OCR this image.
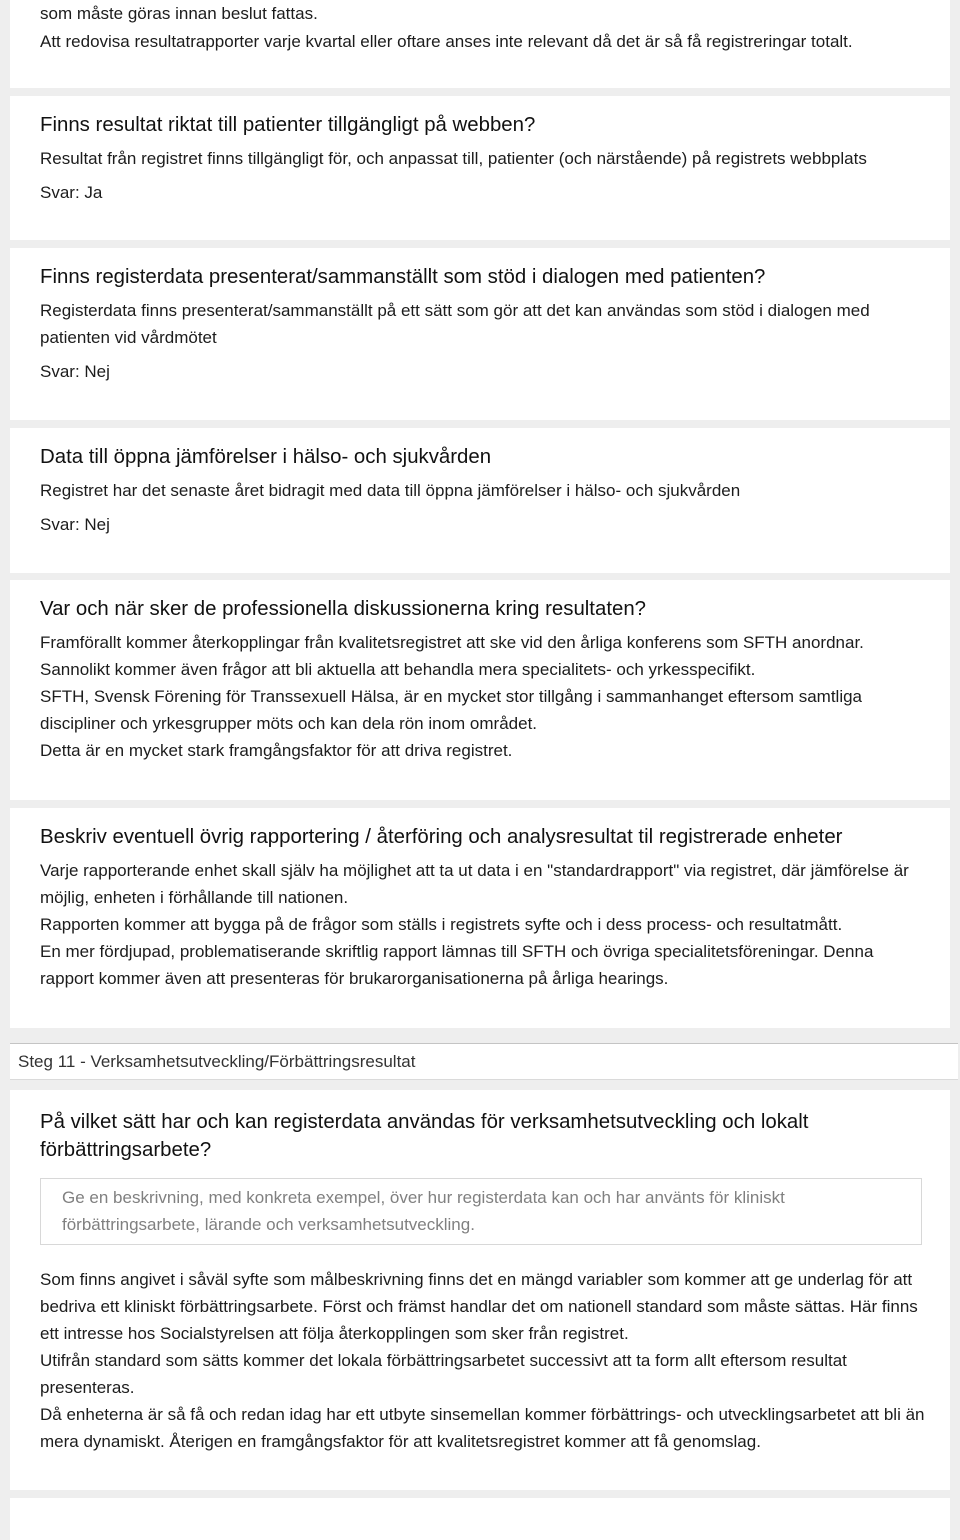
som måste göras innan beslut fattas.
Att redovisa resultatrapporter varje kvartal eller oftare anses inte relevant då det är så få registreringar totalt.
Finns resultat riktat till patienter tillgängligt på webben?
Resultat från registret finns tillgängligt för, och anpassat till, patienter (och närstående) på registrets webbplats
Svar: Ja
Finns registerdata presenterat/sammanställt som stöd i dialogen med patienten?
Registerdata finns presenterat/sammanställt på ett sätt som gör att det kan användas som stöd i dialogen med
patienten vid vårdmötet
Svar: Nej
Data till öppna jämförelser i hälso- och sjukvården
Registret har det senaste året bidragit med data till öppna jämförelser i hälso- och sjukvården
Svar: Nej
Var och när sker de professionella diskussionerna kring resultaten?
Framförallt kommer återkopplingar från kvalitetsregistret att ske vid den årliga konferens som SFTH anordnar.
Sannolikt kommer även frågor att bli aktuella att behandla mera specialitets- och yrkesspecifikt.
SFTH, Svensk Förening för Transsexuell Hälsa, är en mycket stor tillgång i sammanhanget eftersom samtliga
discipliner och yrkesgrupper möts och kan dela rön inom området.
Detta är en mycket stark framgångsfaktor för att driva registret.
Beskriv eventuell övrig rapportering / återföring och analysresultat til registrerade enheter
Varje rapporterande enhet skall själv ha möjlighet att ta ut data i en "standardrapport" via registret, där jämförelse är
möjlig, enheten i förhållande till nationen.
Rapporten kommer att bygga på de frågor som ställs i registrets syfte och i dess process- och resultatmått.
En mer fördjupad, problematiserande skriftlig rapport lämnas till SFTH och övriga specialitetsföreningar. Denna
rapport kommer även att presenteras för brukarorganisationerna på årliga hearings.
Steg 11 - Verksamhetsutveckling/Förbättringsresultat
På vilket sätt har och kan registerdata användas för verksamhetsutveckling och lokalt
förbättringsarbete?
Ge en beskrivning, med konkreta exempel, över hur registerdata kan och har använts för kliniskt
förbättringsarbete, lärande och verksamhetsutveckling.
Som finns angivet i såväl syfte som målbeskrivning finns det en mängd variabler som kommer att ge underlag för att
bedriva ett kliniskt förbättringsarbete. Först och främst handlar det om nationell standard som måste sättas. Här finns
ett intresse hos Socialstyrelsen att följa återkopplingen som sker från registret.
Utifrån standard som sätts kommer det lokala förbättringsarbetet successivt att ta form allt eftersom resultat
presenteras.
Då enheterna är så få och redan idag har ett utbyte sinsemellan kommer förbättrings- och utvecklingsarbetet att bli än
mera dynamiskt. Återigen en framgångsfaktor för att kvalitetsregistret kommer att få genomslag.
